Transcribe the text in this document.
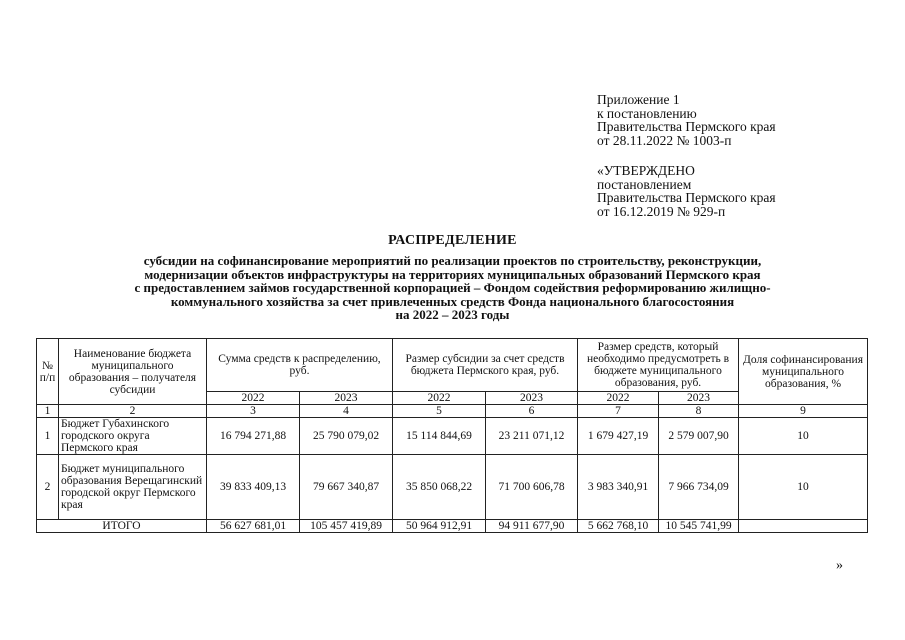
Приложение 1
к постановлению
Правительства Пермского края
от 28.11.2022 № 1003-п
«УТВЕРЖДЕНО
постановлением
Правительства Пермского края
от 16.12.2019 № 929-п
РАСПРЕДЕЛЕНИЕ
субсидии на софинансирование мероприятий по реализации проектов по строительству, реконструкции,
модернизации объектов инфраструктуры на территориях муниципальных образований Пермского края
с предоставлением займов государственной корпорацией – Фондом содействия реформированию жилищно-
коммунального хозяйства за счет привлеченных средств Фонда национального благосостояния
на 2022 – 2023 годы
№ п/п	Наименование бюджета муниципального образования – получателя субсидии	Сумма средств к распределению, руб.		Размер субсидии за счет средств бюджета Пермского края, руб.		Размер средств, который необходимо предусмотреть в бюджете муниципального образования, руб.		Доля софинансирования муниципального образования, %
		2022	2023	2022	2023	2022	2023	
1	2	3	4	5	6	7	8	9
1	Бюджет Губахинского городского округа Пермского края	16 794 271,88	25 790 079,02	15 114 844,69	23 211 071,12	1 679 427,19	2 579 007,90	10
2	Бюджет муниципального образования Верещагинский городской округ Пермского края	39 833 409,13	79 667 340,87	35 850 068,22	71 700 606,78	3 983 340,91	7 966 734,09	10
ИТОГО		56 627 681,01	105 457 419,89	50 964 912,91	94 911 677,90	5 662 768,10	10 545 741,99	
»
